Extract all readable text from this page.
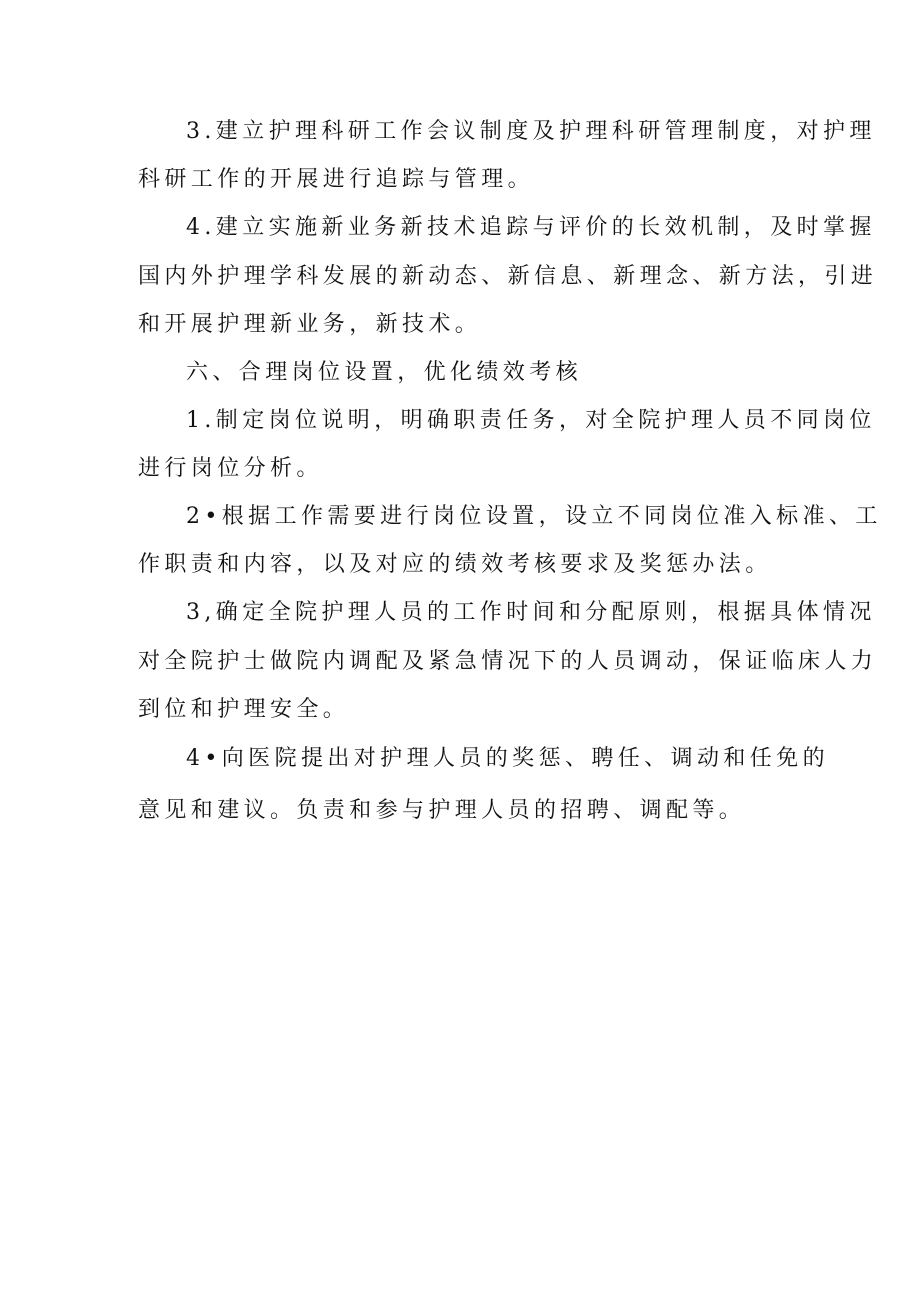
3.建立护理科研工作会议制度及护理科研管理制度，对护理
科研工作的开展进行追踪与管理。
4.建立实施新业务新技术追踪与评价的长效机制，及时掌握
国内外护理学科发展的新动态、新信息、新理念、新方法，引进
和开展护理新业务，新技术。
六、合理岗位设置，优化绩效考核
1.制定岗位说明，明确职责任务，对全院护理人员不同岗位
进行岗位分析。
2•根据工作需要进行岗位设置，设立不同岗位准入标准、工
作职责和内容，以及对应的绩效考核要求及奖惩办法。
3,确定全院护理人员的工作时间和分配原则，根据具体情况
对全院护士做院内调配及紧急情况下的人员调动，保证临床人力
到位和护理安全。
4•向医院提出对护理人员的奖惩、聘任、调动和任免的
意见和建议。负责和参与护理人员的招聘、调配等。
